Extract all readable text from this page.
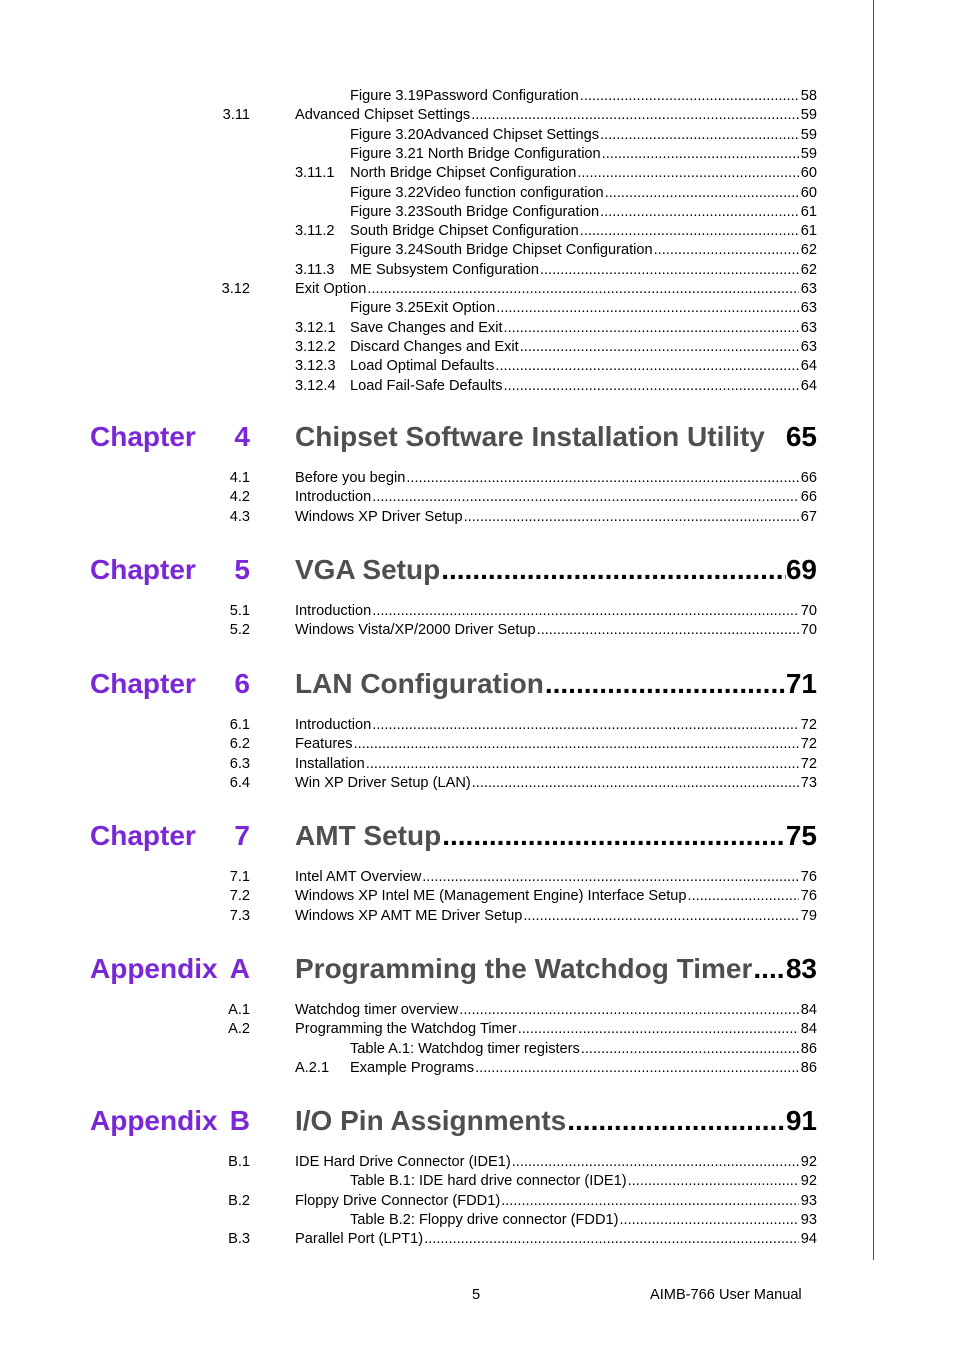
Figure 3.19Password Configuration .....	58
3.11	Advanced Chipset Settings .....	59
Figure 3.20Advanced Chipset Settings .....	59
Figure 3.21 North Bridge Configuration .....	59
3.11.1 North Bridge Chipset Configuration .....	60
Figure 3.22Video function configuration .....	60
Figure 3.23South Bridge Configuration .....	61
3.11.2 South Bridge Chipset Configuration .....	61
Figure 3.24South Bridge Chipset Configuration .....	62
3.11.3 ME Subsystem Configuration .....	62
3.12	Exit Option .....	63
Figure 3.25Exit Option .....	63
3.12.1 Save Changes and Exit .....	63
3.12.2 Discard Changes and Exit .....	63
3.12.3 Load Optimal Defaults .....	64
3.12.4 Load Fail-Safe Defaults .....	64
Chapter	4 Chipset Software Installation Utility 65
4.1	Before you begin .....	66
4.2	Introduction .....	66
4.3	Windows XP Driver Setup .....	67
Chapter	5 VGA Setup .....	69
5.1	Introduction .....	70
5.2	Windows Vista/XP/2000 Driver Setup .....	70
Chapter	6 LAN Configuration .....	71
6.1	Introduction .....	72
6.2	Features .....	72
6.3	Installation .....	72
6.4	Win XP Driver Setup (LAN) .....	73
Chapter	7 AMT Setup .....	75
7.1	Intel AMT Overview .....	76
7.2	Windows XP Intel ME (Management Engine) Interface Setup .....	76
7.3	Windows XP AMT ME Driver Setup .....	79
Appendix A Programming the Watchdog Timer ..... 83
A.1	Watchdog timer overview .....	84
A.2	Programming the Watchdog Timer .....	84
Table A.1: Watchdog timer registers .....	86
A.2.1 Example Programs .....	86
Appendix B I/O Pin Assignments .....	91
B.1	IDE Hard Drive Connector (IDE1) .....	92
Table B.1: IDE hard drive connector (IDE1) .....	92
B.2	Floppy Drive Connector (FDD1) .....	93
Table B.2: Floppy drive connector (FDD1) .....	93
B.3	Parallel Port (LPT1) .....	94
5	AIMB-766 User Manual
